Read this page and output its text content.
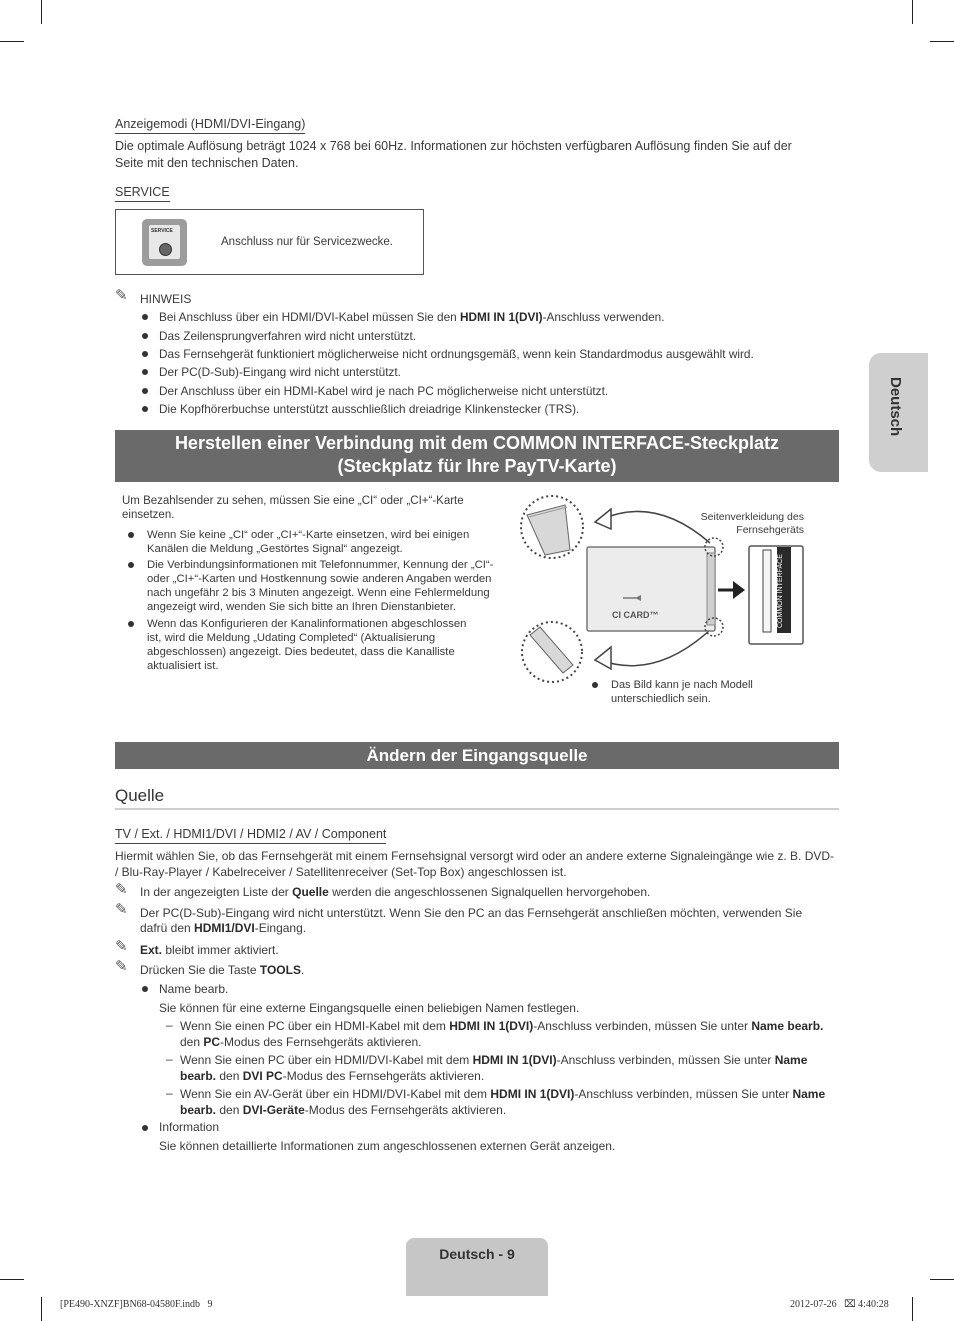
Anzeigemodi (HDMI/DVI-Eingang)
Die optimale Auflösung beträgt 1024 x 768 bei 60Hz. Informationen zur höchsten verfügbaren Auflösung finden Sie auf der
Seite mit den technischen Daten.
SERVICE
SERVICE
Anschluss nur für Servicezwecke.
✎ HINWEIS
Bei Anschluss über ein HDMI/DVI-Kabel müssen Sie den HDMI IN 1(DVI)-Anschluss verwenden.
Das Zeilensprungverfahren wird nicht unterstützt.
Das Fernsehgerät funktioniert möglicherweise nicht ordnungsgemäß, wenn kein Standardmodus ausgewählt wird.
Der PC(D-Sub)-Eingang wird nicht unterstützt.
Der Anschluss über ein HDMI-Kabel wird je nach PC möglicherweise nicht unterstützt.
Die Kopfhörerbuchse unterstützt ausschließlich dreiadrige Klinkenstecker (TRS).
Herstellen einer Verbindung mit dem COMMON INTERFACE-Steckplatz
(Steckplatz für Ihre PayTV-Karte)
Um Bezahlsender zu sehen, müssen Sie eine „CI“ oder „CI+“-Karte
einsetzen.
Wenn Sie keine „CI“ oder „CI+“-Karte einsetzen, wird bei einigen
Kanälen die Meldung „Gestörtes Signal“ angezeigt.
Die Verbindungsinformationen mit Telefonnummer, Kennung der „CI“-
oder „CI+“-Karten und Hostkennung sowie anderen Angaben werden
nach ungefähr 2 bis 3 Minuten angezeigt. Wenn eine Fehlermeldung
angezeigt wird, wenden Sie sich bitte an Ihren Dienstanbieter.
Wenn das Konfigurieren der Kanalinformationen abgeschlossen
ist, wird die Meldung „Udating Completed“ (Aktualisierung
abgeschlossen) angezeigt. Dies bedeutet, dass die Kanalliste
aktualisiert ist.
Seitenverkleidung des
Fernsehgeräts
CI CARD™	COMMON INTERFACE
Das Bild kann je nach Modell
unterschiedlich sein.
Ändern der Eingangsquelle
Quelle
TV / Ext. / HDMI1/DVI / HDMI2 / AV / Component
Hiermit wählen Sie, ob das Fernsehgerät mit einem Fernsehsignal versorgt wird oder an andere externe Signaleingänge wie z. B. DVD-
/ Blu-Ray-Player / Kabelreceiver / Satellitenreceiver (Set-Top Box) angeschlossen ist.
✎ In der angezeigten Liste der Quelle werden die angeschlossenen Signalquellen hervorgehoben.
✎ Der PC(D-Sub)-Eingang wird nicht unterstützt. Wenn Sie den PC an das Fernsehgerät anschließen möchten, verwenden Sie
dafrü den HDMI1/DVI-Eingang.
✎ Ext. bleibt immer aktiviert.
✎ Drücken Sie die Taste TOOLS.
Name bearb.
Sie können für eine externe Eingangsquelle einen beliebigen Namen festlegen.
– Wenn Sie einen PC über ein HDMI-Kabel mit dem HDMI IN 1(DVI)-Anschluss verbinden, müssen Sie unter Name bearb.
den PC-Modus des Fernsehgeräts aktivieren.
– Wenn Sie einen PC über ein HDMI/DVI-Kabel mit dem HDMI IN 1(DVI)-Anschluss verbinden, müssen Sie unter Name
bearb. den DVI PC-Modus des Fernsehgeräts aktivieren.
– Wenn Sie ein AV-Gerät über ein HDMI/DVI-Kabel mit dem HDMI IN 1(DVI)-Anschluss verbinden, müssen Sie unter Name
bearb. den DVI-Geräte-Modus des Fernsehgeräts aktivieren.
Information
Sie können detaillierte Informationen zum angeschlossenen externen Gerät anzeigen.
Deutsch
Deutsch - 9
[PE490-XNZF]BN68-04580F.indb   9	2012-07-26   ⌧ 4:40:28
